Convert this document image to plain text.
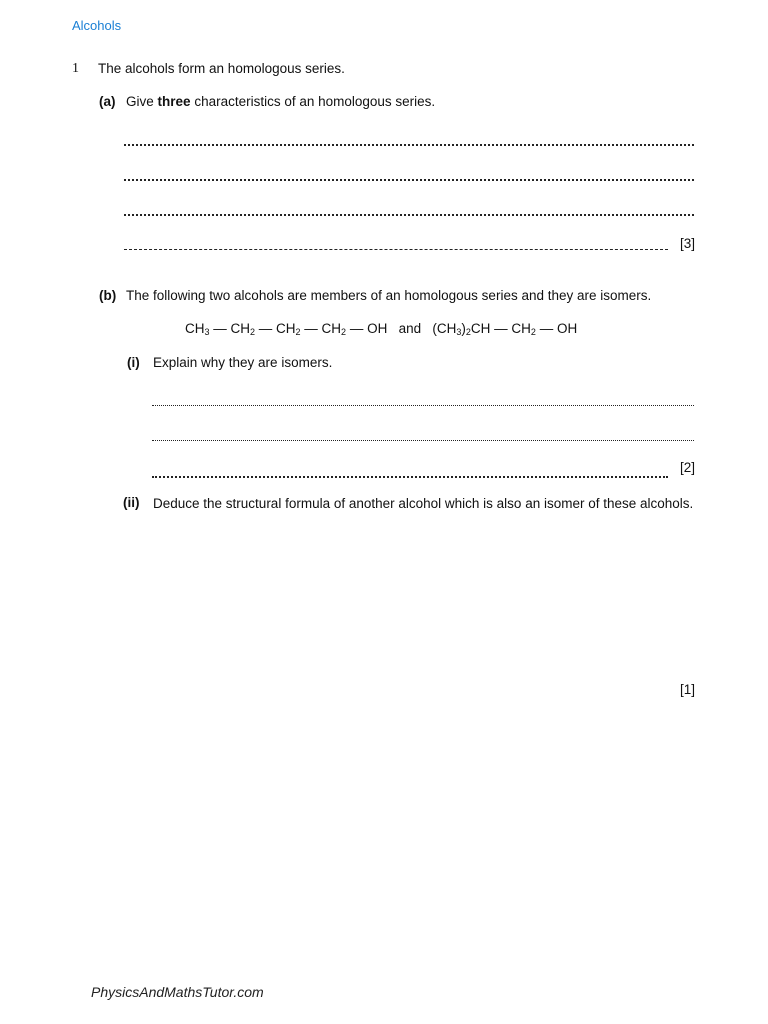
Alcohols
1 The alcohols form an homologous series.
(a) Give three characteristics of an homologous series.
[3]
(b) The following two alcohols are members of an homologous series and they are isomers.
$CH_3$ — $CH_2$ — $CH_2$ — $CH_2$ — OH and $(CH_3)_2CH$ — $CH_2$ — OH
(i) Explain why they are isomers.
[2]
(ii) Deduce the structural formula of another alcohol which is also an isomer of these alcohols.
[1]
PhysicsAndMathsTutor.com
